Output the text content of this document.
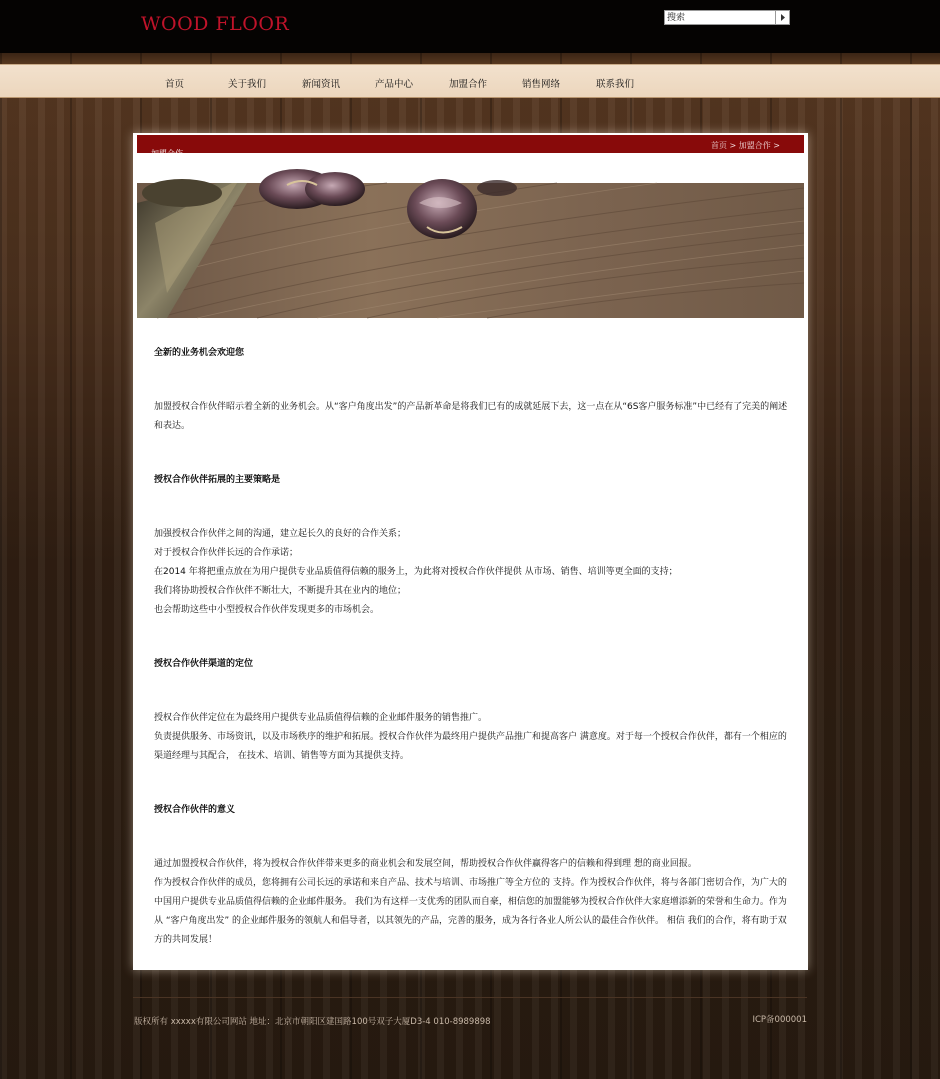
WOOD FLOOR
搜索
首页	关于我们	新闻资讯	产品中心	加盟合作	销售网络	联系我们
加盟合作
首页 > 加盟合作 >
全新的业务机会欢迎您

加盟授权合作伙伴昭示着全新的业务机会。从“客户角度出发”的产品新革命是将我们已有的成就延展下去，这一点在从“6S客户服务标准”中已经有了完美的阐述和表达。

授权合作伙伴拓展的主要策略是

加强授权合作伙伴之间的沟通，建立起长久的良好的合作关系；

对于授权合作伙伴长远的合作承诺；

在2014 年将把重点放在为用户提供专业品质值得信赖的服务上，为此将对授权合作伙伴提供 从市场、销售、培训等更全面的支持；

我们将协助授权合作伙伴不断壮大，不断提升其在业内的地位；

也会帮助这些中小型授权合作伙伴发现更多的市场机会。

授权合作伙伴渠道的定位

授权合作伙伴定位在为最终用户提供专业品质值得信赖的企业邮件服务的销售推广。

负责提供服务、市场资讯，以及市场秩序的维护和拓展。授权合作伙伴为最终用户提供产品推广和提高客户 满意度。对于每一个授权合作伙伴，都有一个相应的渠道经理与其配合， 在技术、培训、销售等方面为其提供支持。

授权合作伙伴的意义

通过加盟授权合作伙伴，将为授权合作伙伴带来更多的商业机会和发展空间，帮助授权合作伙伴赢得客户的信赖和得到理 想的商业回报。

作为授权合作伙伴的成员，您将拥有公司长远的承诺和来自产品、技术与培训、市场推广等全方位的 支持。作为授权合作伙伴，将与各部门密切合作，为广大的中国用户提供专业品质值得信赖的企业邮件服务。 我们为有这样一支优秀的团队而自豪，相信您的加盟能够为授权合作伙伴大家庭增添新的荣誉和生命力。作为 从 “客户角度出发” 的企业邮件服务的领航人和倡导者，以其领先的产品，完善的服务，成为各行各业人所公认的最佳合作伙伴。 相信 我们的合作，将有助于双方的共同发展！

版权所有 xxxxx有限公司网站 地址：北京市朝阳区建国路100号双子大厦D3-4 010-8989898	ICP备000001
